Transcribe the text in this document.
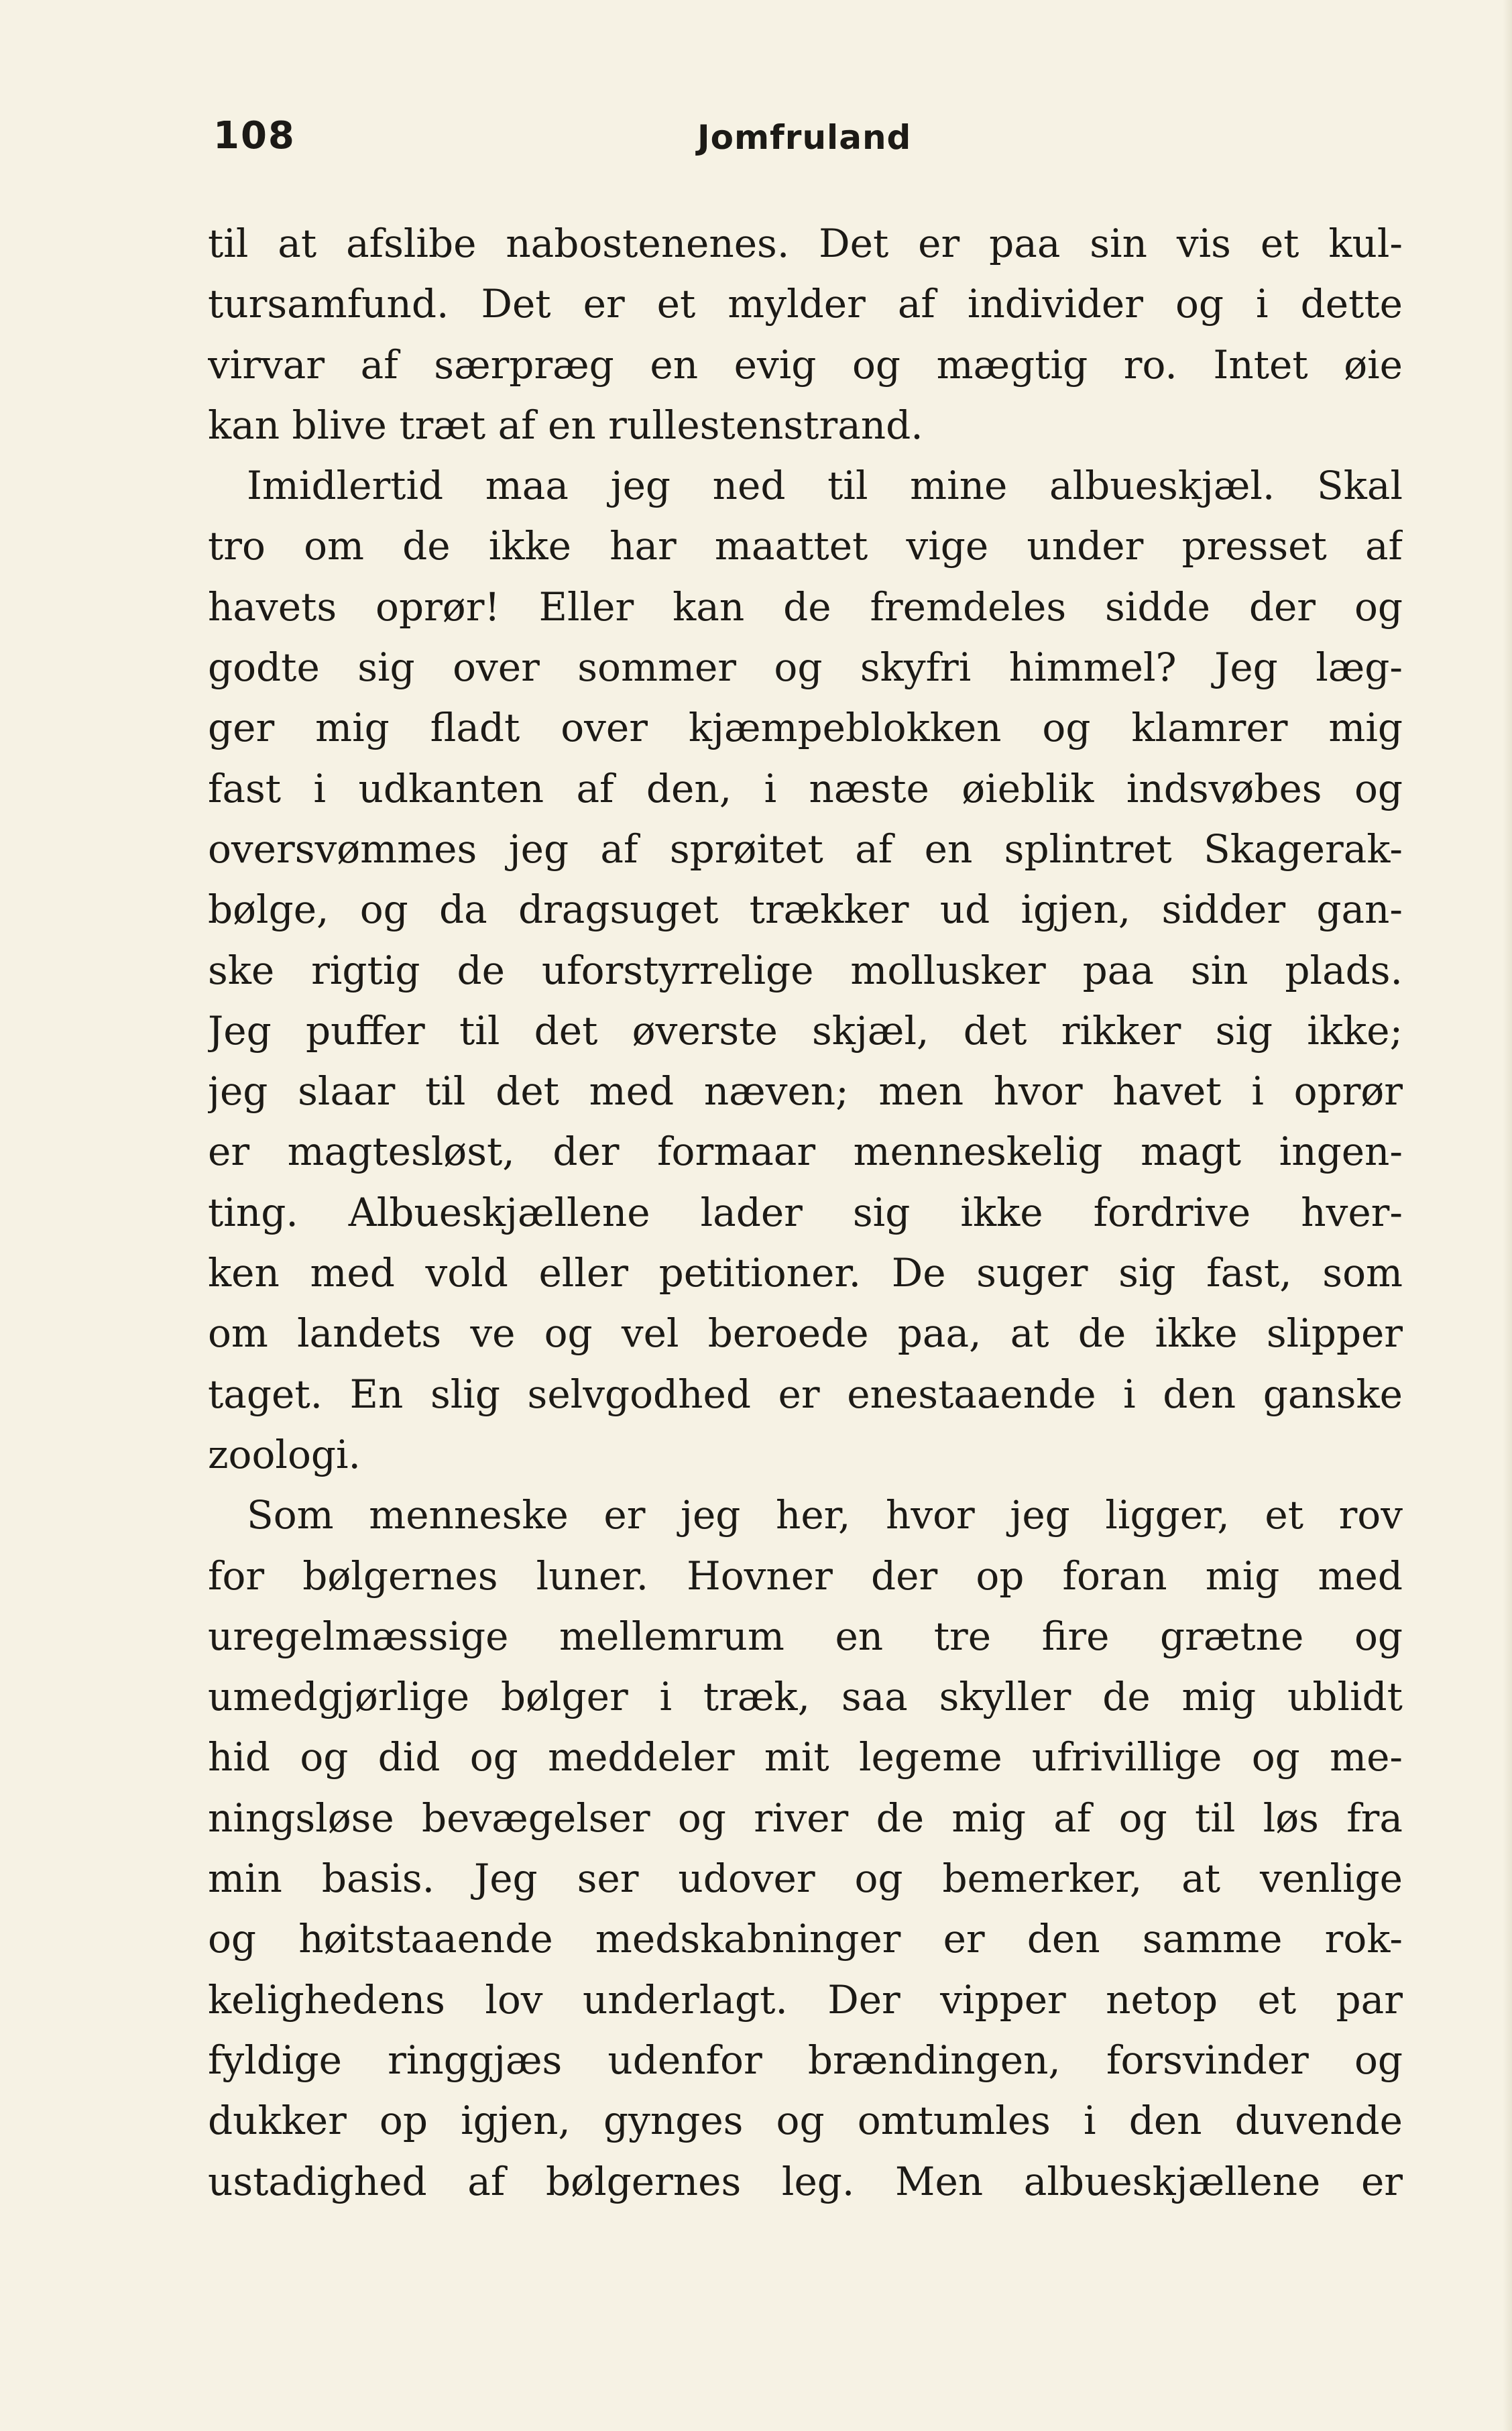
108	Jomfruland
til at afslibe nabostenenes. Det er paa sin vis et kul-
tursamfund. Det er et mylder af individer og i dette
virvar af særpræg en evig og mægtig ro. Intet øie
kan blive træt af en rullestenstrand.
Imidlertid maa jeg ned til mine albueskjæl. Skal
tro om de ikke har maattet vige under presset af
havets oprør! Eller kan de fremdeles sidde der og
godte sig over sommer og skyfri himmel? Jeg læg-
ger mig fladt over kjæmpeblokken og klamrer mig
fast i udkanten af den, i næste øieblik indsvøbes og
oversvømmes jeg af sprøitet af en splintret Skagerak-
bølge, og da dragsuget trækker ud igjen, sidder gan-
ske rigtig de uforstyrrelige mollusker paa sin plads.
Jeg puffer til det øverste skjæl, det rikker sig ikke;
jeg slaar til det med næven; men hvor havet i oprør
er magtesløst, der formaar menneskelig magt ingen-
ting. Albueskjællene lader sig ikke fordrive hver-
ken med vold eller petitioner. De suger sig fast, som
om landets ve og vel beroede paa, at de ikke slipper
taget. En slig selvgodhed er enestaaende i den ganske
zoologi.
Som menneske er jeg her, hvor jeg ligger, et rov
for bølgernes luner. Hovner der op foran mig med
uregelmæssige mellemrum en tre fire grætne og
umedgjørlige bølger i træk, saa skyller de mig ublidt
hid og did og meddeler mit legeme ufrivillige og me-
ningsløse bevægelser og river de mig af og til løs fra
min basis. Jeg ser udover og bemerker, at venlige
og høitstaaende medskabninger er den samme rok-
kelighedens lov underlagt. Der vipper netop et par
fyldige ringgjæs udenfor brændingen, forsvinder og
dukker op igjen, gynges og omtumles i den duvende
ustadighed af bølgernes leg. Men albueskjællene er
